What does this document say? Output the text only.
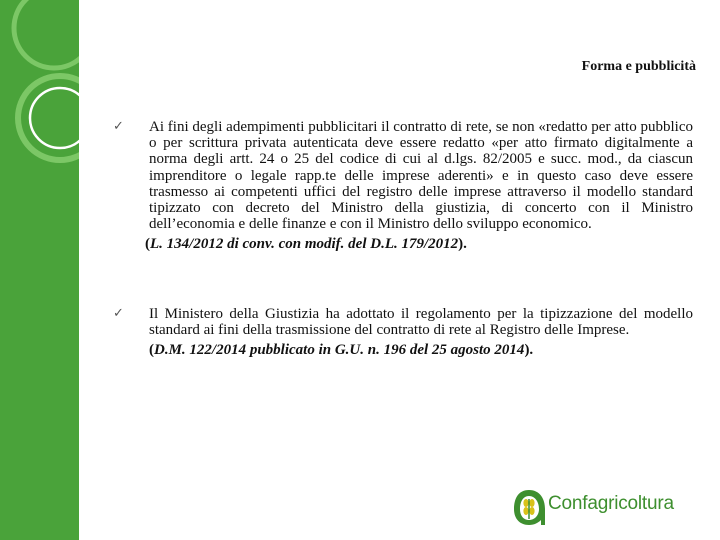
Forma e pubblicità
✓ Ai fini degli adempimenti pubblicitari il contratto di rete, se non «redatto per atto pubblico o per scrittura privata autenticata deve essere redatto «per atto firmato digitalmente a norma degli artt. 24 o 25 del codice di cui al d.lgs. 82/2005 e succ. mod., da ciascun imprenditore o legale rapp.te delle imprese aderenti» e in questo caso deve essere trasmesso ai competenti uffici del registro delle imprese attraverso il modello standard tipizzato con decreto del Ministro della giustizia, di concerto con il Ministro dell’economia e delle finanze e con il Ministro dello sviluppo economico.
(L. 134/2012 di conv. con modif. del D.L. 179/2012).
✓ Il Ministero della Giustizia ha adottato il regolamento per la tipizzazione del modello standard ai fini della trasmissione del contratto di rete al Registro delle Imprese.
(D.M. 122/2014 pubblicato in G.U. n. 196 del 25 agosto 2014).
Confagricoltura
